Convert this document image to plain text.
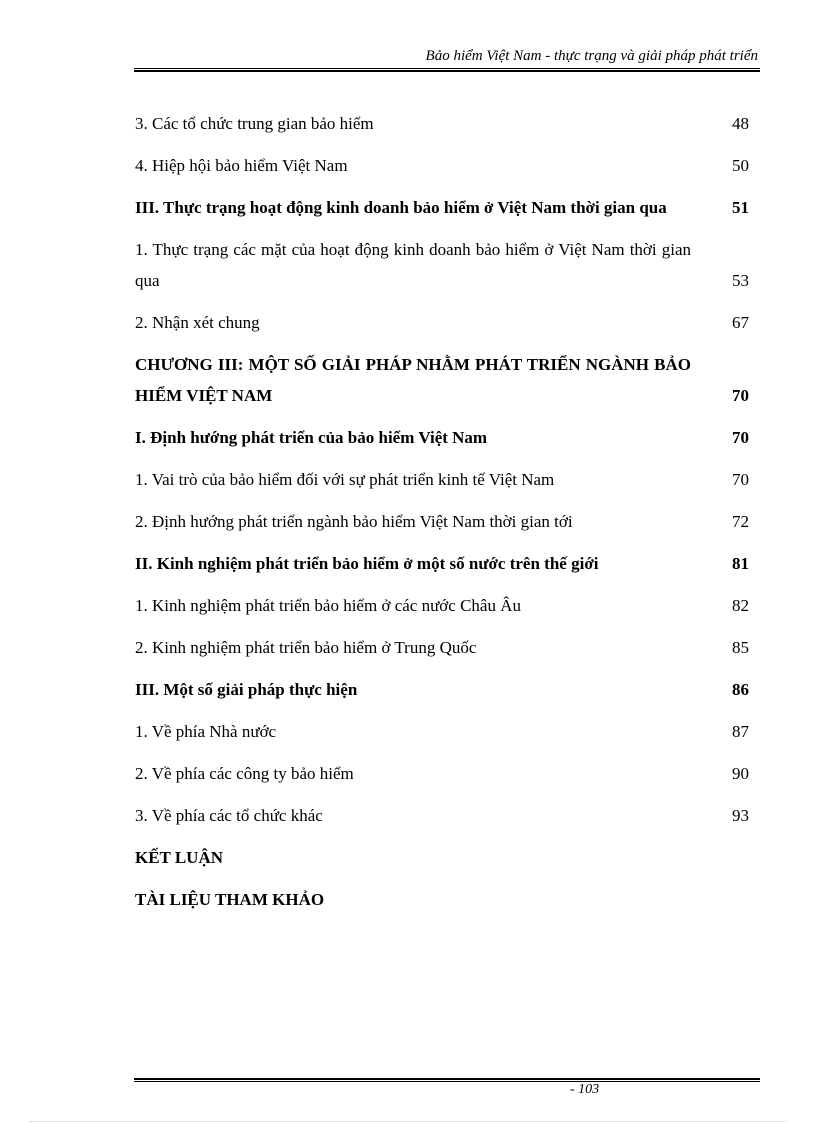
Bảo hiểm Việt Nam - thực trạng và giải pháp phát triển
3. Các tổ chức trung gian bảo hiểm	48
4. Hiệp hội bảo hiểm Việt Nam	50
III. Thực trạng hoạt động kinh doanh bảo hiểm ở Việt Nam thời gian qua	51
1. Thực trạng các mặt của hoạt động kinh doanh bảo hiểm ở Việt Nam thời gian qua	53
2. Nhận xét chung	67
CHƯƠNG III: MỘT SỐ GIẢI PHÁP NHẰM PHÁT TRIỂN NGÀNH BẢO HIỂM VIỆT NAM	70
I. Định hướng phát triển của bảo hiểm Việt Nam	70
1. Vai trò của bảo hiểm đối với sự phát triển kinh tế Việt Nam	70
2. Định hướng phát triển ngành bảo hiểm Việt Nam thời gian tới	72
II. Kinh nghiệm phát triển bảo hiểm ở một số nước trên thế giới	81
1. Kinh nghiệm phát triển bảo hiểm ở các nước Châu Âu	82
2. Kinh nghiệm phát triển bảo hiểm ở Trung Quốc	85
III. Một số giải pháp thực hiện	86
1. Về phía Nhà nước	87
2. Về phía các công ty bảo hiểm	90
3. Về phía các tổ chức khác	93
KẾT LUẬN
TÀI LIỆU THAM KHẢO
- 103
